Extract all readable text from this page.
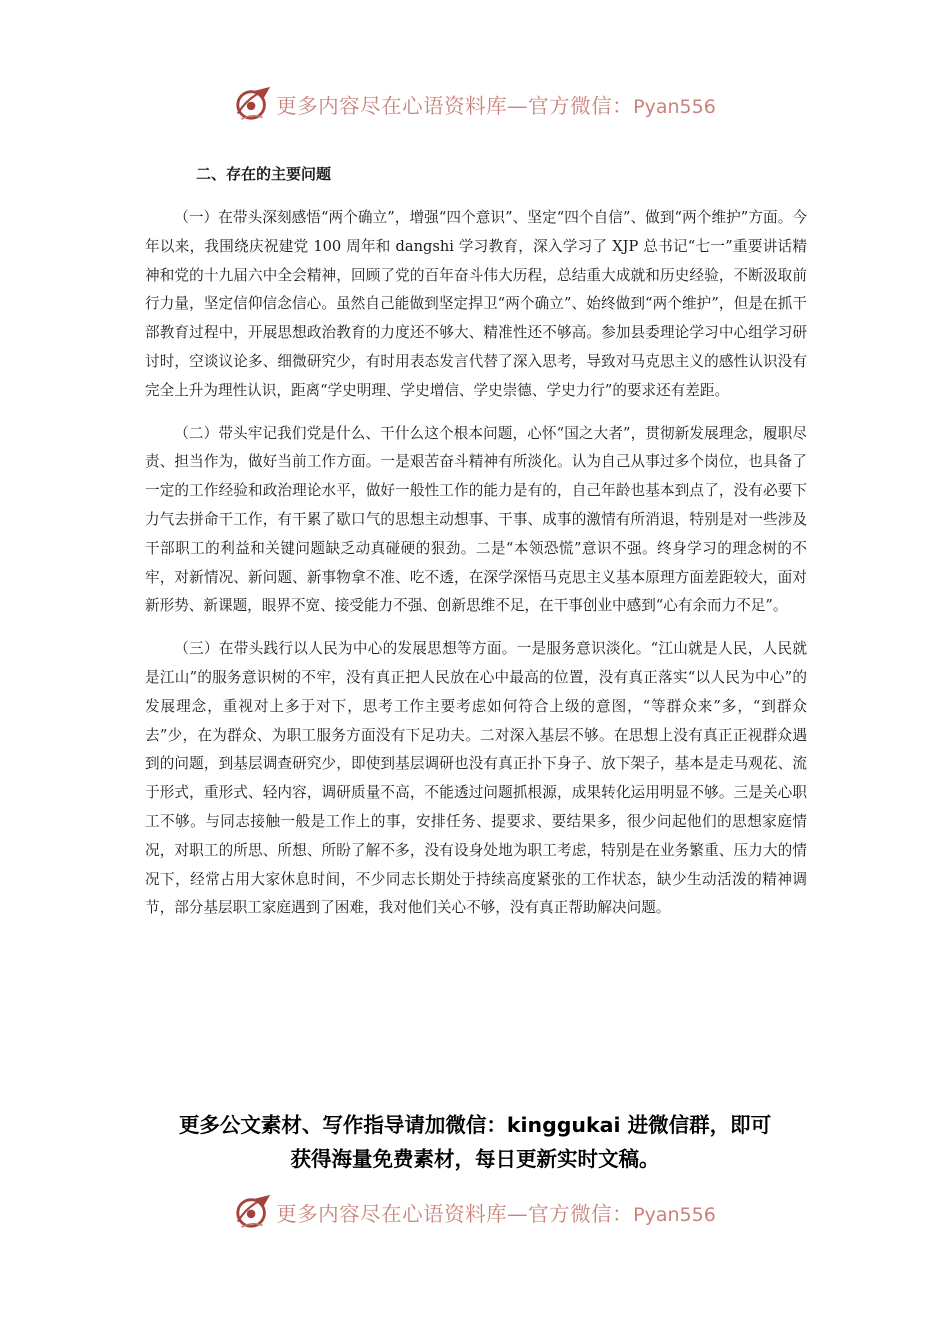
更多内容尽在心语资料库—官方微信：Pyan556
二、存在的主要问题

（一）在带头深刻感悟“两个确立”，增强“四个意识”、坚定“四个自信”、做到“两个维护”方面。今年以来，我围绕庆祝建党 100 周年和 dangshi 学习教育，深入学习了 XJP 总书记“七一”重要讲话精神和党的十九届六中全会精神，回顾了党的百年奋斗伟大历程，总结重大成就和历史经验，不断汲取前行力量，坚定信仰信念信心。虽然自己能做到坚定捍卫“两个确立”、始终做到“两个维护”，但是在抓干部教育过程中，开展思想政治教育的力度还不够大、精准性还不够高。参加县委理论学习中心组学习研讨时，空谈议论多、细微研究少，有时用表态发言代替了深入思考，导致对马克思主义的感性认识没有完全上升为理性认识，距离“学史明理、学史增信、学史崇德、学史力行”的要求还有差距。

（二）带头牢记我们党是什么、干什么这个根本问题，心怀“国之大者”，贯彻新发展理念，履职尽责、担当作为，做好当前工作方面。一是艰苦奋斗精神有所淡化。认为自己从事过多个岗位，也具备了一定的工作经验和政治理论水平，做好一般性工作的能力是有的，自己年龄也基本到点了，没有必要下力气去拼命干工作，有干累了歇口气的思想主动想事、干事、成事的激情有所消退，特别是对一些涉及干部职工的利益和关键问题缺乏动真碰硬的狠劲。二是“本领恐慌”意识不强。终身学习的理念树的不牢，对新情况、新问题、新事物拿不准、吃不透，在深学深悟马克思主义基本原理方面差距较大，面对新形势、新课题，眼界不宽、接受能力不强、创新思维不足，在干事创业中感到“心有余而力不足”。

（三）在带头践行以人民为中心的发展思想等方面。一是服务意识淡化。“江山就是人民，人民就是江山”的服务意识树的不牢，没有真正把人民放在心中最高的位置，没有真正落实“以人民为中心”的发展理念，重视对上多于对下，思考工作主要考虑如何符合上级的意图，“等群众来”多，“到群众去”少，在为群众、为职工服务方面没有下足功夫。二对深入基层不够。在思想上没有真正正视群众遇到的问题，到基层调查研究少，即使到基层调研也没有真正扑下身子、放下架子，基本是走马观花、流于形式，重形式、轻内容，调研质量不高，不能透过问题抓根源，成果转化运用明显不够。三是关心职工不够。与同志接触一般是工作上的事，安排任务、提要求、要结果多，很少问起他们的思想家庭情况，对职工的所思、所想、所盼了解不多，没有设身处地为职工考虑，特别是在业务繁重、压力大的情况下，经常占用大家休息时间，不少同志长期处于持续高度紧张的工作状态，缺少生动活泼的精神调节，部分基层职工家庭遇到了困难，我对他们关心不够，没有真正帮助解决问题。

更多公文素材、写作指导请加微信：kinggukai 进微信群，即可
获得海量免费素材，每日更新实时文稿。
更多内容尽在心语资料库—官方微信：Pyan556
